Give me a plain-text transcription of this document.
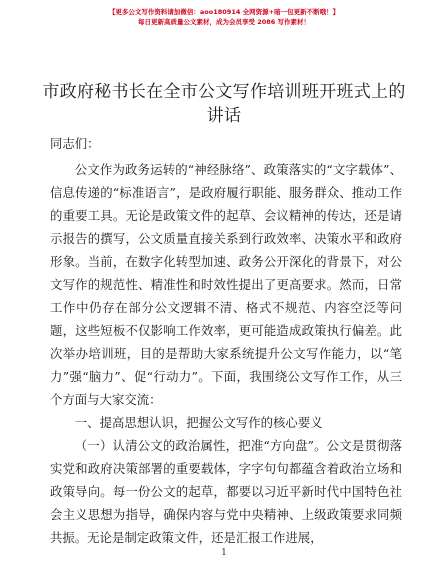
【更多公文写作资料请加微信：aoo180914 全网资源+暗一包更新不断哦！】
每日更新高质量公文素材，成为会员享受 2086 写作素材！
市政府秘书长在全市公文写作培训班开班式上的讲话

同志们：

公文作为政务运转的“神经脉络”、政策落实的“文字载体”、信息传递的“标准语言”，是政府履行职能、服务群众、推动工作的重要工具。无论是政策文件的起草、会议精神的传达，还是请示报告的撰写，公文质量直接关系到行政效率、决策水平和政府形象。当前，在数字化转型加速、政务公开深化的背景下，对公文写作的规范性、精准性和时效性提出了更高要求。然而，日常工作中仍存在部分公文逻辑不清、格式不规范、内容空泛等问题，这些短板不仅影响工作效率，更可能造成政策执行偏差。此次举办培训班，目的是帮助大家系统提升公文写作能力，以“笔力”强“脑力”、促“行动力”。下面，我围绕公文写作工作，从三个方面与大家交流：

一、提高思想认识，把握公文写作的核心要义

（一）认清公文的政治属性，把准“方向盘”。公文是贯彻落实党和政府决策部署的重要载体，字字句句都蕴含着政治立场和政策导向。每一份公文的起草，都要以习近平新时代中国特色社会主义思想为指导，确保内容与党中央精神、上级政策要求同频共振。无论是制定政策文件，还是汇报工作进展，

1
